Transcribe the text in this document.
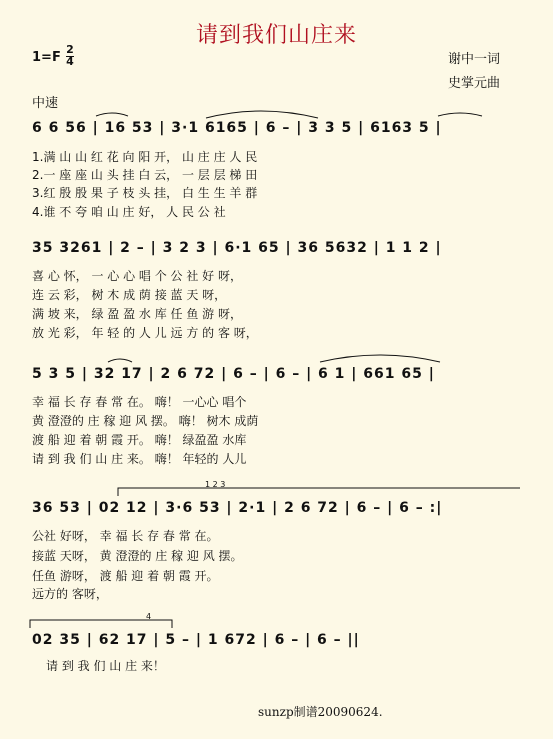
请到我们山庄来
1=F
2
4	谢中一词
史掌元曲
中速
6 6 56 | 16 53 | 3·1 6165 | 6 – | 3 3 5 | 6163 5 |
1.满 山 山 红 花 向 阳 开， 山 庄 庄 人 民
2.一 座 座 山 头 挂 白 云， 一 层 层 梯 田
3.红 殷 殷 果 子 枝 头 挂， 白 生 生 羊 群
4.谁 不 夸 咱 山 庄 好， 人 民 公 社
35 3261 | 2 – | 3 2 3 | 6·1 65 | 36 5632 | 1 1 2 |
喜 心 怀， 一 心 心 唱 个 公 社 好 呀，
连 云 彩， 树 木 成 荫 接 蓝 天 呀，
满 坡 来， 绿 盈 盈 水 库 任 鱼 游 呀，
放 光 彩， 年 轻 的 人 儿 远 方 的 客 呀，
5 3 5 | 32 17 | 2 6 72 | 6 – | 6 – | 6 1 | 661 65 |
幸 福 长 存 春 常 在。 嗨！ 一心心 唱个
黄 澄澄的 庄 稼 迎 风 摆。 嗨！ 树木 成荫
渡 船 迎 着 朝 霞 开。 嗨！ 绿盈盈 水库
请 到 我 们 山 庄 来。 嗨！ 年轻的 人儿
1 2 3
36 53 | 02 12 | 3·6 53 | 2·1 | 2 6 72 | 6 – | 6 – :|
公社 好呀， 幸 福 长 存 春 常 在。
接蓝 天呀， 黄 澄澄的 庄 稼 迎 风 摆。
任鱼 游呀， 渡 船 迎 着 朝 霞 开。
远方的 客呀，
4
02 35 | 62 17 | 5 – | 1 672 | 6 – | 6 – ||
请 到 我 们 山 庄 来！
sunzp制谱20090624.
